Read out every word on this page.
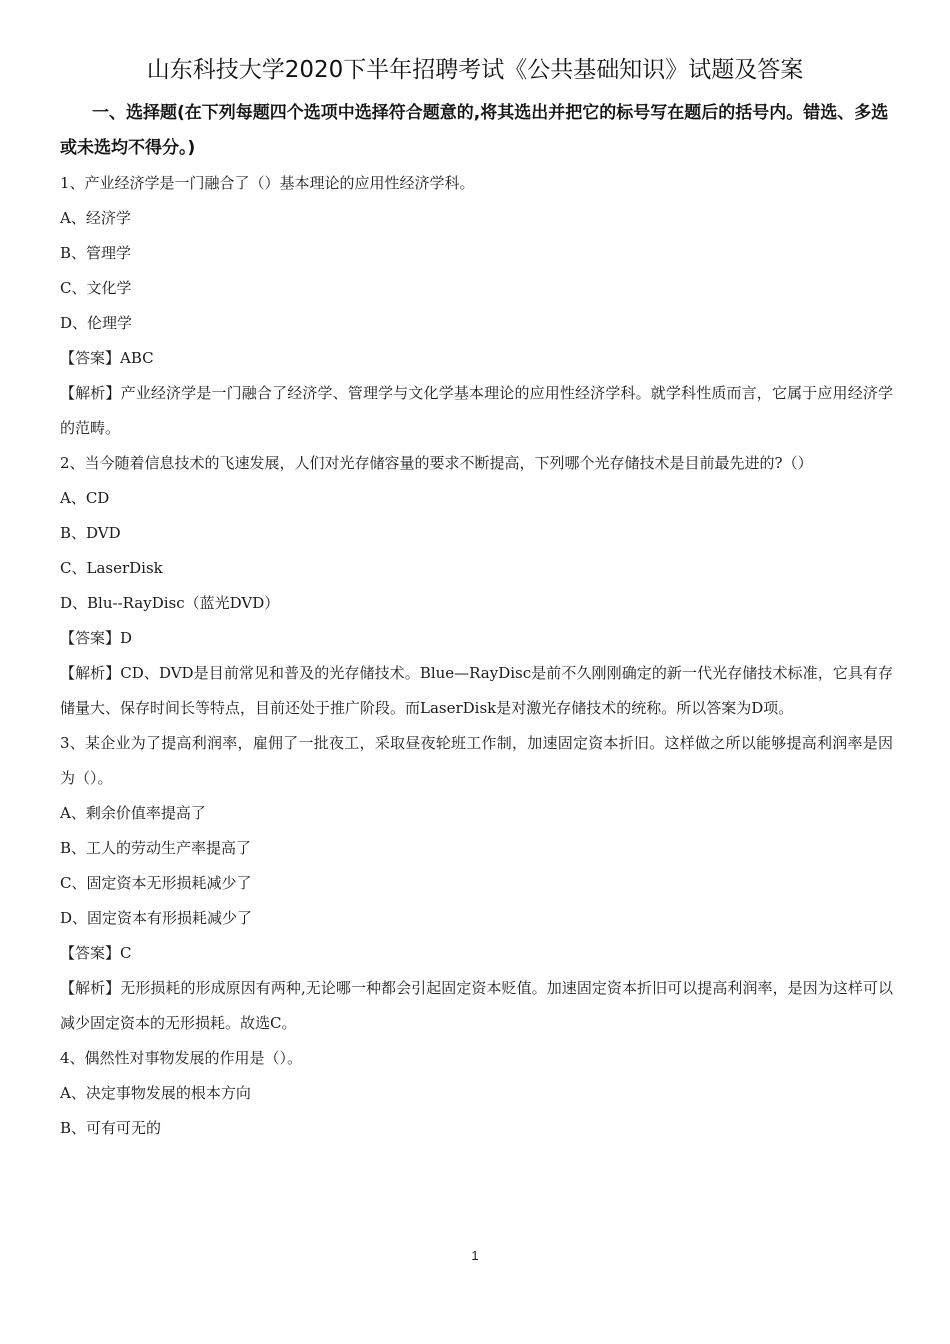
山东科技大学2020下半年招聘考试《公共基础知识》试题及答案
一、选择题(在下列每题四个选项中选择符合题意的,将其选出并把它的标号写在题后的括号内。错选、多选或未选均不得分。)

1、产业经济学是一门融合了（）基本理论的应用性经济学科。

A、经济学

B、管理学

C、文化学

D、伦理学

【答案】ABC

【解析】产业经济学是一门融合了经济学、管理学与文化学基本理论的应用性经济学科。就学科性质而言，它属于应用经济学的范畴。

2、当今随着信息技术的飞速发展，人们对光存储容量的要求不断提高，下列哪个光存储技术是目前最先进的?（）

A、CD

B、DVD

C、LaserDisk

D、Blu--RayDisc（蓝光DVD）

【答案】D

【解析】CD、DVD是目前常见和普及的光存储技术。Blue—RayDisc是前不久刚刚确定的新一代光存储技术标准，它具有存储量大、保存时间长等特点，目前还处于推广阶段。而LaserDisk是对激光存储技术的统称。所以答案为D项。

3、某企业为了提高利润率，雇佣了一批夜工，采取昼夜轮班工作制，加速固定资本折旧。这样做之所以能够提高利润率是因为（）。

A、剩余价值率提高了

B、工人的劳动生产率提高了

C、固定资本无形损耗减少了

D、固定资本有形损耗减少了

【答案】C

【解析】无形损耗的形成原因有两种,无论哪一种都会引起固定资本贬值。加速固定资本折旧可以提高利润率，是因为这样可以减少固定资本的无形损耗。故选C。

4、偶然性对事物发展的作用是（）。

A、决定事物发展的根本方向

B、可有可无的

1
